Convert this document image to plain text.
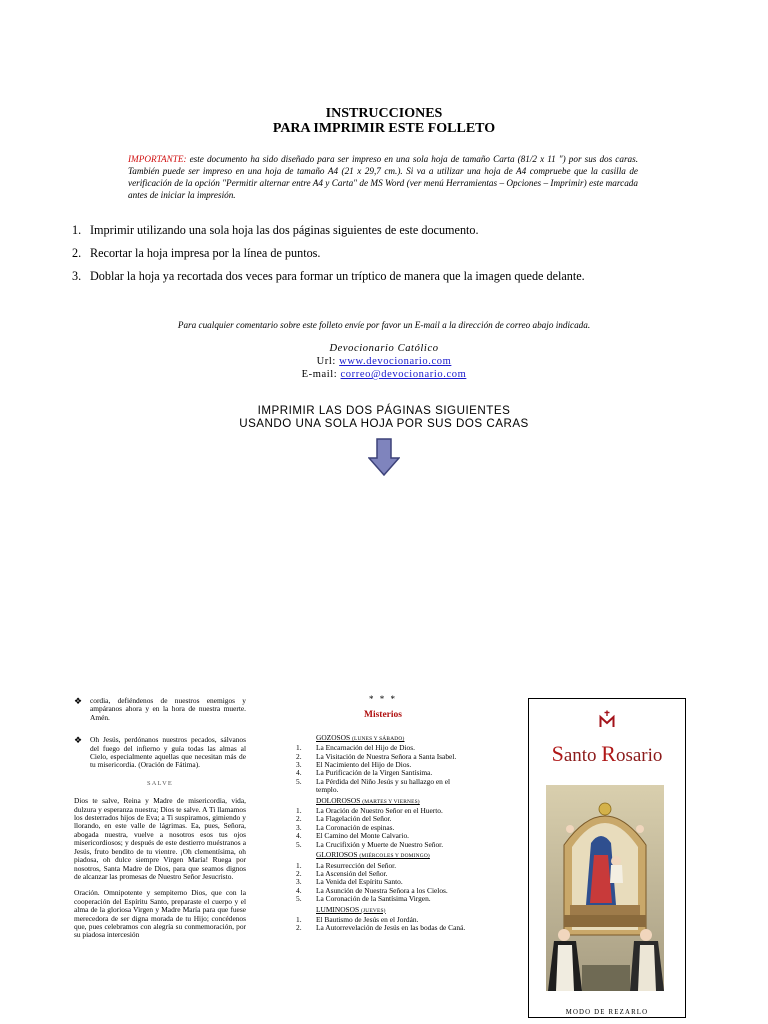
INSTRUCCIONES
PARA IMPRIMIR ESTE FOLLETO
IMPORTANTE: este documento ha sido diseñado para ser impreso en una sola hoja de tamaño Carta (81/2 x 11 ") por sus dos caras. También puede ser impreso en una hoja de tamaño A4 (21 x 29,7 cm.). Si va a utilizar una hoja de A4 compruebe que la casilla de verificación de la opción "Permitir alternar entre A4 y Carta" de MS Word (ver menú Herramientas – Opciones – Imprimir) este marcada antes de iniciar la impresión.
1. Imprimir utilizando una sola hoja las dos páginas siguientes de este documento.
2. Recortar la hoja impresa por la línea de puntos.
3. Doblar la hoja ya recortada dos veces para formar un tríptico de manera que la imagen quede delante.
Para cualquier comentario sobre este folleto envíe por favor un E-mail a la dirección de correo abajo indicada.
Devocionario Católico
Url: www.devocionario.com
E-mail: correo@devocionario.com
IMPRIMIR LAS DOS PÁGINAS SIGUIENTES
USANDO UNA SOLA HOJA POR SUS DOS CARAS
❖	cordia, defiéndenos de nuestros enemigos y ampáranos ahora y en la hora de nuestra muerte. Amén.
❖	Oh Jesús, perdónanos nuestros pecados, sálvanos del fuego del infierno y guía todas las almas al Cielo, especialmente aquellas que necesitan más de tu misericordia. (Oración de Fátima).
SALVE

Dios te salve, Reina y Madre de misericordia, vida, dulzura y esperanza nuestra; Dios te salve. A Ti llamamos los desterrados hijos de Eva; a Ti suspiramos, gimiendo y llorando, en este valle de lágrimas. Ea, pues, Señora, abogada nuestra, vuelve a nosotros esos tus ojos misericordiosos; y después de este destierro muéstranos a Jesús, fruto bendito de tu vientre. ¡Oh clementísima, oh piadosa, oh dulce siempre Virgen María! Ruega por nosotros, Santa Madre de Dios, para que seamos dignos de alcanzar las promesas de Nuestro Señor Jesucristo.

Oración. Omnipotente y sempiterno Dios, que con la cooperación del Espíritu Santo, preparaste el cuerpo y el alma de la gloriosa Virgen y Madre María para que fuese merecedora de ser digna morada de tu Hijo; concédenos que, pues celebramos con alegría su conmemoración, por su piadosa intercesión

* * *
Misterios
GOZOSOS (LUNES Y SÁBADO)
1.	La Encarnación del Hijo de Dios.
2.	La Visitación de Nuestra Señora a Santa Isabel.
3.	El Nacimiento del Hijo de Dios.
4.	La Purificación de la Virgen Santísima.
5.	La Pérdida del Niño Jesús y su hallazgo en el templo.
DOLOROSOS (MARTES Y VIERNES)
1.	La Oración de Nuestro Señor en el Huerto.
2.	La Flagelación del Señor.
3.	La Coronación de espinas.
4.	El Camino del Monte Calvario.
5.	La Crucifixión y Muerte de Nuestro Señor.
GLORIOSOS (MIÉRCOLES Y DOMINGO)
1.	La Resurrección del Señor.
2.	La Ascensión del Señor.
3.	La Venida del Espíritu Santo.
4.	La Asunción de Nuestra Señora a los Cielos.
5.	La Coronación de la Santísima Virgen.
LUMINOSOS (JUEVES)
1.	El Bautismo de Jesús en el Jordán.
2.	La Autorrevelación de Jesús en las bodas de Caná.
Santo Rosario
MODO DE REZARLO
